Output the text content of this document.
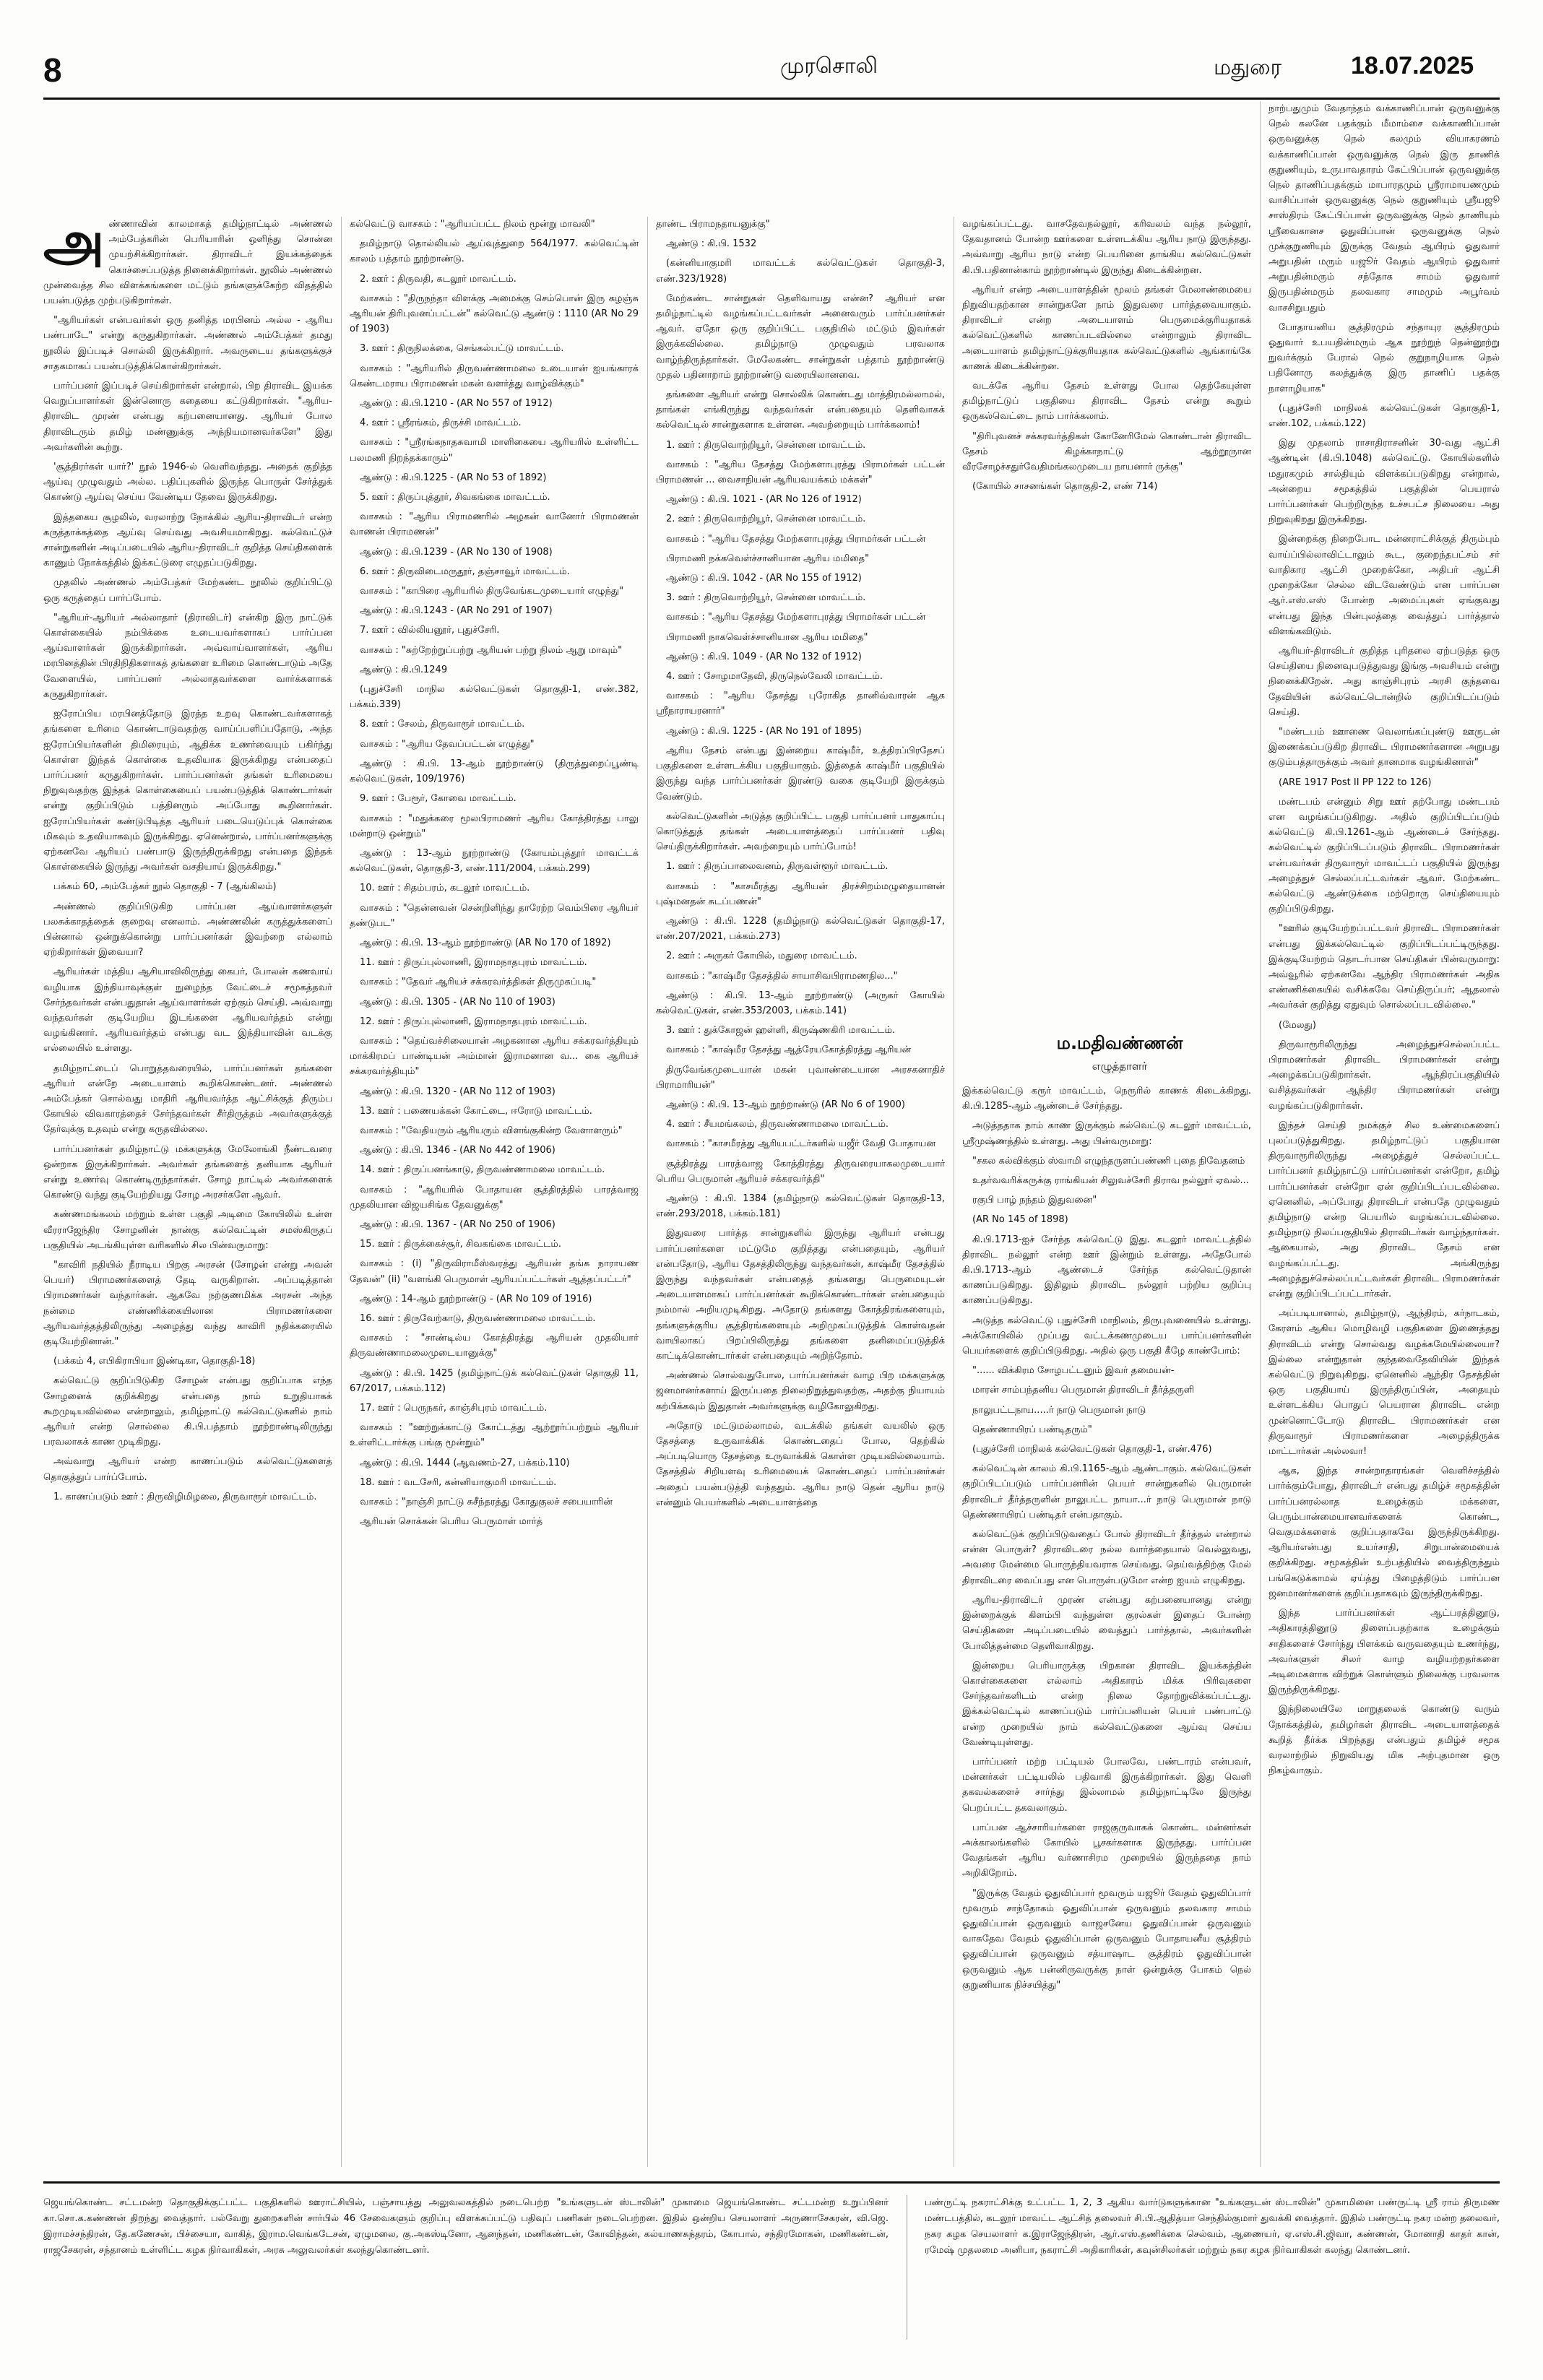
8	முரசொலி	மதுரை	18.07.2025
அ ண்ணாவின் காலமாகத் தமிழ்நாட்டில் அண்ணல் அம்பேத்கரின் பெரியாரின் ஒளிந்து சொன்ன முயற்சிக்கிறார்கள். திராவிடர் இயக்கத்தைக் கொச்சைப்படுத்த நினைக்கிறார்கள். நூலில் அண்ணல் முன்வைத்த சில விளக்கங்களை மட்டும் தங்களுக்கேற்ற விதத்தில் பயன்படுத்த முற்படுகிறார்கள்.

"ஆரியர்கள் என்பவர்கள் ஒரு தனித்த மரபினம் அல்ல - ஆரிய பண்பாடே" என்று கருதுகிறார்கள். அண்ணல் அம்பேத்கர் தமது நூலில் இப்படிச் சொல்லி இருக்கிறார். அவருடைய தங்களுக்குச் சாதகமாகப் பயன்படுத்திக்கொள்கிறார்கள்.

பார்ப்பனர் இப்படிச் செய்கிறார்கள் என்றால், பிற திராவிட இயக்க வெறுப்பாளர்கள் இன்னொரு கதையை கட்டுகிறார்கள். "ஆரிய-திராவிட முரண் என்பது கற்பனையானது. ஆரியர் போல திராவிடரும் தமிழ் மண்ணுக்கு அந்நியமானவர்களே" இது அவர்களின் கூற்று.

'சூத்திரர்கள் யார்?' நூல் 1946-ல் வெளிவந்தது. அதைக் குறித்த ஆய்வு முழுவதும் அல்ல. பதிப்புகளில் இருந்த பொருள் சேர்த்துக் கொண்டு ஆய்வு செய்ய வேண்டிய தேவை இருக்கிறது.

இத்தகைய சூழலில், வரலாற்று நோக்கில் ஆரிய-திராவிடர் என்ற கருத்தாக்கத்தை ஆய்வு செய்வது அவசியமாகிறது. கல்வெட்டுச் சான்றுகளின் அடிப்படையில் ஆரிய-திராவிடர் குறித்த செய்திகளைக் காணும் நோக்கத்தில் இக்கட்டுரை எழுதப்படுகிறது.

முதலில் அண்ணல் அம்பேத்கர் மேற்கண்ட நூலில் குறிப்பிட்டு ஒரு கருத்தைப் பார்ப்போம்.

"ஆரியர்-ஆரியர் அல்லாதார் (திராவிடர்) என்கிற இரு நாட்டுக் கொள்கையில் நம்பிக்கை உடையவர்களாகப் பார்ப்பன ஆய்வாளர்கள் இருக்கிறார்கள். அவ்வாய்வாளர்கள், ஆரிய மரபினத்தின் பிரதிநிதிகளாகத் தங்களை உரிமை கொண்டாடும் அதே வேளையில், பார்ப்பனர் அல்லாதவர்களை வார்க்களாகக் கருதுகிறார்கள்.

ஐரோப்பிய மரபினத்தோடு இரத்த உறவு கொண்டவர்களாகத் தங்களை உரிமை கொண்டாடுவதற்கு வாய்ப்பளிப்பதோடு, அந்த ஐரோப்பியர்களின் திமிரையும், ஆதிக்க உணர்வையும் பகிர்ந்து கொள்ள இந்தக் கொள்கை உதவியாக இருக்கிறது என்பதைப் பார்ப்பனர் கருதுகிறார்கள். பார்ப்பனர்கள் தங்கள் உரிமையை நிறுவுவதற்கு இந்தக் கொள்கையைப் பயன்படுத்திக் கொண்டார்கள் என்று குறிப்பிடும் பத்தினரும் அப்போது கூறினார்கள். ஐரோப்பியர்கள் கண்டுபிடித்த ஆரியர் படையெடுப்புக் கொள்கை மிகவும் உதவியாகவும் இருக்கிறது. ஏனென்றால், பார்ப்பனர்களுக்கு ஏற்கனவே ஆரியப் பண்பாடு இருந்திருக்கிறது என்பதை இந்தக் கொள்கையில் இருந்து அவர்கள் வசதியாய் இருக்கிறது."

பக்கம் 60, அம்பேத்கர் நூல் தொகுதி - 7 (ஆங்கிலம்)

அண்ணல் குறிப்பிடுகிற பார்ப்பன ஆய்வாளர்களுள் பலசுக்காதத்தைக் குறைவு எனலாம். அண்ணலின் கருத்துக்களைப் பின்னால் ஒன்றுக்கொன்று பார்ப்பனர்கள் இவற்றை எல்லாம் ஏற்கிறார்கள் இவையா?

ஆரியர்கள் மத்திய ஆசியாவிலிருந்து கைபர், போலன் கணவாய் வழியாக இந்தியாவுக்குள் நுழைந்த வேட்டைச் சமூகத்தவர் சேர்ந்தவர்கள் என்பதுதான் ஆய்வாளர்கள் ஏற்கும் செய்தி. அவ்வாறு வந்தவர்கள் குடியேறிய இடங்களை ஆரியவர்த்தம் என்று வழங்கினார். ஆரியவர்த்தம் என்பது வட இந்தியாவின் வடக்கு எல்லையில் உள்ளது.

தமிழ்நாட்டைப் பொறுத்தவரையில், பார்ப்பனர்கள் தங்களை ஆரியர் என்றே அடையாளம் கூறிக்கொண்டனர். அண்ணல் அம்பேத்கர் சொல்வது மாதிரி ஆரியவர்த்த ஆட்சிக்குத் திரும்ப கோயில் விவகாரத்தைச் சேர்ந்தவர்கள் சீர்திருத்தம் அவர்களுக்குத் தேர்வுக்கு உதவும் என்று கருதவில்லை.

பார்ப்பனர்கள் தமிழ்நாட்டு மக்களுக்கு மேலோங்கி நீண்டவரை ஒன்றாக இருக்கிறார்கள். அவர்கள் தங்களைத் தனியாக ஆரியர் என்று உணர்வு கொண்டிருந்தார்கள். சோழ நாட்டில் அவர்களைக் கொண்டு வந்து குடியேற்றியது சோழ அரசர்களே ஆவர்.

கண்ணமங்கலம் மற்றும் உள்ள பகுதி அடிமை கோயிலில் உள்ள வீரராஜேந்திர சோழனின் நான்கு கல்வெட்டின் சமஸ்கிருதப் பகுதியில் அடங்கியுள்ள வரிகளில் சில பின்வருமாறு:

"காவிரி நதியில் நீராடிய பிறகு அரசன் (சோழன் என்று அவன் பெயர்) பிராமணர்களைத் தேடி வருகிறான். அப்படித்தான் பிராமணர்கள் வந்தார்கள். ஆகவே நற்குணமிக்க அரசன் அந்த நன்மை எண்ணிக்கையிலான பிராமணர்களை ஆரியவர்த்தத்திலிருந்து அழைத்து வந்து காவிரி நதிக்கரையில் குடியேற்றினான்."

(பக்கம் 4, எபிகிராபியா இண்டிகா, தொகுதி-18)

கல்வெட்டு குறிப்பிடுகிற சோழன் என்பது குறிப்பாக எந்த சோழனைக் குறிக்கிறது என்பதை நாம் உறுதியாகக் கூறமுடியவில்லை என்றாலும், தமிழ்நாட்டு கல்வெட்டுகளில் நாம் ஆரியர் என்ற சொல்லை கி.பி.பத்தாம் நூற்றாண்டிலிருந்து பரவலாகக் காண முடிகிறது.

அவ்வாறு ஆரியர் என்ற காணப்படும் கல்வெட்டுகளைத் தொகுத்துப் பார்ப்போம்.

1. காணப்படும் ஊர் : திருவிழிமிழலை, திருவாரூர் மாவட்டம்.

கல்வெட்டு வாசகம் : "ஆரியப்பட்ட நிலம் மூன்று மாவலி"

தமிழ்நாடு தொல்லியல் ஆய்வுத்துறை 564/1977. கல்வெட்டின் காலம் பத்தாம் நூற்றாண்டு.

2. ஊர் : திருவதி, கடலூர் மாவட்டம்.

வாசகம் : "திருநந்தா விளக்கு அமைக்கு செம்பொன் இரு கழஞ்சு ஆரியன் திரிபுவனப்பட்டன்" கல்வெட்டு ஆண்டு : 1110 (AR No 29 of 1903)

3. ஊர் : திருநிலக்கை, செங்கல்பட்டு மாவட்டம்.

வாசகம் : "ஆரியரில் திருவண்ணாமலை உடையான் ஐயங்காரக் கெண்டமராய பிராமணன் மகன் வளர்த்து வாழ்விக்கும்"

ஆண்டு : கி.பி.1210 - (AR No 557 of 1912)

4. ஊர் : ஸ்ரீரங்கம், திருச்சி மாவட்டம்.

வாசகம் : "ஸ்ரீரங்கநாதசுவாமி மாளிகையை ஆரியரில் உள்ளிட்ட பலமணி நிறந்தக்காரும்"

ஆண்டு : கி.பி.1225 - (AR No 53 of 1892)

5. ஊர் : திருப்புத்தூர், சிவகங்கை மாவட்டம்.

வாசகம் : "ஆரிய பிராமணரில் அழகன் வானோர் பிராமணன் வாணன் பிராமணன்"

ஆண்டு : கி.பி.1239 - (AR No 130 of 1908)

6. ஊர் : திருவிடைமருதூர், தஞ்சாவூர் மாவட்டம்.

வாசகம் : "காபிரை ஆரியரில் திருவேங்கடமுடையார் எழுந்து"

ஆண்டு : கி.பி.1243 - (AR No 291 of 1907)

7. ஊர் : வில்லியனூர், புதுச்சேரி.

வாசகம் : "சுற்றேற்றுப்பற்று ஆரியன் பற்று நிலம் ஆறு மாவும்"

ஆண்டு : கி.பி.1249

(புதுச்சேரி மாநில கல்வெட்டுகள் தொகுதி-1, எண்.382, பக்கம்.339)

8. ஊர் : சேலம், திருவாரூர் மாவட்டம்.

வாசகம் : "ஆரிய தேவப்பட்டன் எழுத்து"

ஆண்டு : கி.பி. 13-ஆம் நூற்றாண்டு (திருத்துறைப்பூண்டி கல்வெட்டுகள், 109/1976)

9. ஊர் : பேரூர், கோவை மாவட்டம்.

வாசகம் : "மதுக்கரை மூலபிராமணர் ஆரிய கோத்திரத்து பாலு மன்றாடு ஒன்றும்"

ஆண்டு : 13-ஆம் நூற்றாண்டு (கோயம்புத்தூர் மாவட்டக் கல்வெட்டுகள், தொகுதி-3, எண்.111/2004, பக்கம்.299)

10. ஊர் : சிதம்பரம், கடலூர் மாவட்டம்.

வாசகம் : "தென்னவன் சென்றிளிந்து தாரேற்ற வெம்பிரை ஆரியர் தண்டுபட"

ஆண்டு : கி.பி. 13-ஆம் நூற்றாண்டு (AR No 170 of 1892)

11. ஊர் : திருப்புல்லாணி, இராமநாதபுரம் மாவட்டம்.

வாசகம் : "தேவர் ஆரியச் சக்கரவர்த்திகள் திருமுகப்படி"

ஆண்டு : கி.பி. 1305 - (AR No 110 of 1903)

12. ஊர் : திருப்புல்லாணி, இராமநாதபுரம் மாவட்டம்.

வாசகம் : "தெய்வச்சிலையான் அழகனான ஆரிய சக்கரவர்த்தியும் மாக்கிரமப் பாண்டியன் அம்மான் இராமனான வ... கை ஆரியச் சக்கரவர்த்தியும்"

ஆண்டு : கி.பி. 1320 - (AR No 112 of 1903)

13. ஊர் : பணையக்கன் கோட்டை, ஈரோடு மாவட்டம்.

வாசகம் : "வேதியரும் ஆரியரும் விளங்குகின்ற வேளாளரும்"

ஆண்டு : கி.பி. 1346 - (AR No 442 of 1906)

14. ஊர் : திருப்பனங்காடு, திருவண்ணாமலை மாவட்டம்.

வாசகம் : "ஆரியரில் போதாயன சூத்திரத்தில் பாரத்வாஜ முதலியான விஜயசிங்க தேவனுக்கு"

ஆண்டு : கி.பி. 1367 - (AR No 250 of 1906)

15. ஊர் : திருக்கைச்சூர், சிவகங்கை மாவட்டம்.

வாசகம் : (i) "திருவிராமீஸ்வரத்து ஆரியன் தங்க நாராயண தேவன்" (ii) "வளங்கி பெருமாள் ஆரியப்பட்டர்கள் ஆத்தப்பட்டர்"

ஆண்டு : 14-ஆம் நூற்றாண்டு - (AR No 109 of 1916)

16. ஊர் : திருவேற்காடு, திருவண்ணாமலை மாவட்டம்.

வாசகம் : "சாண்டில்ய கோத்திரத்து ஆரியன் முதலியார் திருவண்ணாமலைமுடையானுக்கு"

ஆண்டு : கி.பி. 1425 (தமிழ்நாட்டுக் கல்வெட்டுகள் தொகுதி 11, 67/2017, பக்கம்.112)

17. ஊர் : பெருநகர், காஞ்சிபுரம் மாவட்டம்.

வாசகம் : "ஊற்றுக்காட்டு கோட்டத்து ஆற்றூர்ப்பற்றும் ஆரியர் உள்ளிட்டார்க்கு பங்கு மூன்றும்"

ஆண்டு : கி.பி. 1444 (ஆவணம்-27, பக்கம்.110)

18. ஊர் : வடசேரி, கன்னியாகுமரி மாவட்டம்.

வாசகம் : "நாஞ்சி நாட்டு சுசீந்தரத்து கோதுகுலச் சபையாரின்

ஆரியன் சொக்கன் பெரிய பெருமாள் மார்த்

தாண்ட பிராமநதாயனுக்கு"

ஆண்டு : கி.பி. 1532

(கன்னியாகுமரி மாவட்டக் கல்வெட்டுகள் தொகுதி-3, எண்.323/1928)

மேற்கண்ட சான்றுகள் தெளிவாயது என்ன? ஆரியர் என தமிழ்நாட்டில் வழங்கப்பட்டவர்கள் அனைவரும் பார்ப்பனர்கள் ஆவர். ஏதோ ஒரு குறிப்பிட்ட பகுதியில் மட்டும் இவர்கள் இருக்கவில்லை. தமிழ்நாடு முழுவதும் பரவலாக வாழ்ந்திருந்தார்கள். மேலேகண்ட சான்றுகள் பத்தாம் நூற்றாண்டு முதல் பதினாறாம் நூற்றாண்டு வரையிலானவை.

தங்களை ஆரியர் என்று சொல்லிக் கொண்டது மாத்திரமல்லாமல், தாங்கள் எங்கிருந்து வந்தவர்கள் என்பதையும் தெளிவாகக் கல்வெட்டில் சான்றுகளாக உள்ளன. அவற்றையும் பார்க்கலாம்!

1. ஊர் : திருவொற்றியூர், சென்னை மாவட்டம்.

வாசகம் : "ஆரிய தேசத்து மேற்களாபுரத்து பிராமர்கள் பட்டன் பிராமணன் ... வைசாநியன் ஆரியவயக்கம் மக்கள்"

ஆண்டு : கி.பி. 1021 - (AR No 126 of 1912)

2. ஊர் : திருவொற்றியூர், சென்னை மாவட்டம்.

வாசகம் : "ஆரிய தேசத்து மேற்களாபுரத்து பிராமர்கள் பட்டன்

பிராமணி நக்கவெள்ச்சானியான ஆரிய மமிதை"

ஆண்டு : கி.பி. 1042 - (AR No 155 of 1912)

3. ஊர் : திருவொற்றியூர், சென்னை மாவட்டம்.

வாசகம் : "ஆரிய தேசத்து மேற்களாபுரத்து பிராமர்கள் பட்டன்

பிராமணி நாகவெள்ச்சானியான ஆரிய மமிதை"

ஆண்டு : கி.பி. 1049 - (AR No 132 of 1912)

4. ஊர் : சோழமாதேவி, திருநெல்வேலி மாவட்டம்.

வாசகம் : "ஆரிய தேசத்து புரோகித தானிவ்வாரன் ஆக ஸ்ரீநாராயரனார்"

ஆண்டு : கி.பி. 1225 - (AR No 191 of 1895)

ஆரிய தேசம் என்பது இன்றைய காஷ்மீர், உத்திரப்பிரதேசப் பகுதிகளை உள்ளடக்கிய பகுதியாகும். இத்தைக் காஷ்மீர் பகுதியில் இருந்து வந்த பார்ப்பனர்கள் இரண்டு வகை குடியேறி இருக்கும் வேண்டும்.

கல்வெட்டுகளின் அடுத்த குறிப்பிட்ட பகுதி பார்ப்பனர் பாதுகாப்பு கொடுத்துத் தங்கள் அடையாளத்தைப் பார்ப்பனர் பதிவு செய்திருக்கிறார்கள். அவற்றையும் பார்ப்போம்!

1. ஊர் : திருப்பாலைவனம், திருவள்ளூர் மாவட்டம்.

வாசகம் : "காசமீரத்து ஆரியன் திரச்சிறம்மழுதையானன் புஷ்மனதன் சுடப்பணன்"

ஆண்டு : கி.பி. 1228 (தமிழ்நாடு கல்வெட்டுகள் தொகுதி-17, எண்.207/2021, பக்கம்.273)

2. ஊர் : அருகர் கோயில், மதுரை மாவட்டம்.

வாசகம் : "காஷ்மீர தேசத்தில் சாயாசிவபிராமணநில..."

ஆண்டு : கி.பி. 13-ஆம் நூற்றாண்டு (அருகர் கோயில் கல்வெட்டுகள், எண்.353/2003, பக்கம்.141)

3. ஊர் : துக்கோஜன் ஹள்ளி, கிருஷ்ணகிரி மாவட்டம்.

வாசகம் : "காஷ்மீர தேசத்து ஆத்ரேயகோத்திரத்து ஆரியன்

திருவேங்கமுடையான் மகன் புவாண்டையான அரசகனாதிச் பிராமாரியன்"

ஆண்டு : கி.பி. 13-ஆம் நூற்றாண்டு (AR No 6 of 1900)

4. ஊர் : சீயமங்கலம், திருவண்ணாமலை மாவட்டம்.

வாசகம் : "காசமீரத்து ஆரியபட்டர்களில் யஜீர் வேதி போதாயன

சூத்திரத்து பாரத்வாஜ கோத்திரத்து திருவரையாகலமுடையார் பெரிய பெருமான் ஆரியச் சக்கரவர்த்தி"

ஆண்டு : கி.பி. 1384 (தமிழ்நாடு கல்வெட்டுகள் தொகுதி-13, எண்.293/2018, பக்கம்.181)

இதுவரை பார்த்த சான்றுகளில் இருந்து ஆரியர் என்பது பார்ப்பனர்களை மட்டுமே குறித்தது என்பதையும், ஆரியர் என்பதோடு, ஆரிய தேசத்திலிருந்து வந்தவர்கள், காஷ்மீர தேசத்தில் இருந்து வந்தவர்கள் என்பதைத் தங்களது பெருமையுடன் அடையாளமாகப் பார்ப்பனர்கள் கூறிக்கொண்டார்கள் என்பதையும் நம்மால் அறியமுடிகிறது. அதோடு தங்களது கோத்திரங்களையும், தங்களுக்குரிய சூத்திரங்களையும் அறிமுகப்படுத்திக் கொள்வதன் வாயிலாகப் பிறப்பிலிருந்து தங்களை தனிமைப்படுத்திக் காட்டிக்கொண்டார்கள் என்பதையும் அறிந்தோம்.

அண்ணல் சொல்வதுபோல, பார்ப்பனர்கள் வாழ பிற மக்களுக்கு ஜனமானர்களாய் இருப்பதை நிலைநிறுத்துவதற்கு, அதற்கு நியாயம் கற்பிக்கவும் இதுதான் அவர்களுக்கு வழிகோலுகிறது.

அதோடு மட்டுமல்லாமல், வடக்கில் தங்கள் வயலில் ஒரு தேசத்தை உருவாக்கிக் கொண்டதைப் போல, தெற்கில் அப்படியொரு தேசத்தை உருவாக்கிக் கொள்ள முடியவில்லையாம். தேசத்தில் சிறியளவு உரிமையைக் கொண்டதைப் பார்ப்பனர்கள் அதைப் பயன்படுத்தி வந்ததும். ஆரிய நாடு தென் ஆரிய நாடு என்னும் பெயர்களில் அடையாளத்தை

வழங்கப்பட்டது. வாசதேவநல்லூர், கரிவலம் வந்த நல்லூர், தேவதானம் போன்ற ஊர்களை உள்ளடக்கிய ஆரிய நாடு இருந்தது. அவ்வாறு ஆரிய நாடு என்ற பெயரினை தாங்கிய கல்வெட்டுகள் கி.பி.பதினான்காம் நூற்றாண்டில் இருந்து கிடைக்கின்றன.

ஆரியர் என்ற அடையாளத்தின் மூலம் தங்கள் மேலாண்மையை நிறுவியதற்கான சான்றுகளே நாம் இதுவரை பார்த்தவையாகும். திராவிடர் என்ற அடையாளம் பெருமைக்குரியதாகக் கல்வெட்டுகளில் காணப்படவில்லை என்றாலும் திராவிட அடையாளம் தமிழ்நாட்டுக்குரியதாக கல்வெட்டுகளில் ஆங்காங்கே காணக் கிடைக்கின்றன.

வடக்கே ஆரிய தேசம் உள்ளது போல தெற்கேயுள்ள தமிழ்நாட்டுப் பகுதியை திராவிட தேசம் என்று கூறும் ஒருகல்வெட்டை நாம் பார்க்கலாம்.

"திரிபுவனச் சக்கரவர்த்திகள் கோனேரிமேல் கொண்டான் திராவிட தேசம் கிழக்காநாட்டு ஆற்றூருான வீரசோழச்சதுர்வேதிமங்கலமுடைய நாயனார் ருக்கு"

(கோயில் சாசனங்கள் தொகுதி-2, எண் 714)

ம.மதிவண்ணன்
எழுத்தாளர்

இக்கல்வெட்டு கரூர் மாவட்டம், நெரூரில் காணக் கிடைக்கிறது. கி.பி.1285-ஆம் ஆண்டைச் சேர்ந்தது.

அடுத்ததாக நாம் காண இருக்கும் கல்வெட்டு கடலூர் மாவட்டம், ஸ்ரீமுஷ்ணத்தில் உள்ளது. அது பின்வருமாறு:

"சகல கல்விக்கும் ஸ்வாமி எழுந்தருளப்பண்ணி புதை நிவேதனம்

உதர்வவரிக்கருக்கு ராங்கியன் சிலுவச்சேரி திராவ நல்லூர் ஏவல்...

ரகுபி பாழ் நந்தம் இதுவனை"

(AR No 145 of 1898)

கி.பி.1713-ஐச் சேர்ந்த கல்வெட்டு இது. கடலூர் மாவட்டத்தில் திராவிட நல்லூர் என்ற ஊர் இன்றும் உள்ளது. அதேபோல் கி.பி.1713-ஆம் ஆண்டைச் சேர்ந்த கல்வெட்டுதான் காணப்படுகிறது. இதிலும் திராவிட நல்லூர் பற்றிய குறிப்பு காணப்படுகிறது.

அடுத்த கல்வெட்டு புதுச்சேரி மாநிலம், திருபுவனையில் உள்ளது. அக்கோயிலில் முப்பது வட்டக்கணமுடைய பார்ப்பனர்களின் பெயர்களைக் குறிப்பிடுகிறது. அதில் ஒரு பகுதி கீழே காண்போம்:

"...... விக்கிரம சோழபட்டனும் இவர் தமையன்-

மாரன் சாம்பந்தனிய பெருமான் திராவிடர் தீர்த்தருளி

நாலுபட்டநாய.....ர் நாடு பெருமான் நாடு

தெண்ணாயிரப் பண்டிதரும்"

(புதுச்சேரி மாநிலக் கல்வெட்டுகள் தொகுதி-1, எண்.476)

கல்வெட்டின் காலம் கி.பி.1165-ஆம் ஆண்டாகும். கல்வெட்டுகள் குறிப்பிடப்படும் பார்ப்பனரின் பெயர் சான்றுகளில் பெருமான் திராவிடர் தீர்த்தருளின் நாலுபட்ட நாயா...ர் நாடு பெருமான் நாடு தெண்ணாயிரப் பண்டிதர் என்பதாகும்.

கல்வெட்டுக் குறிப்பிடுவதைப் போல் திராவிடர் தீர்த்தல் என்றால் என்ன பொருள்? திராவிடரை நல்ல வார்த்தையால் வெல்லுவது, அவரை மேன்மை பொருந்தியவராக செய்வது. தெய்வத்திற்கு மேல் திராவிடரை வைப்பது என பொருள்படுமோ என்ற ஐயம் எழுகிறது.

ஆரிய-திராவிடர் முரண் என்பது கற்பனையானது என்று இன்றைக்குக் கிளம்பி வந்துள்ள குரல்கள் இதைப் போன்ற செய்திகளை அடிப்படையில் வைத்துப் பார்த்தால், அவர்களின் போலித்தன்மை தெளிவாகிறது.

இன்றைய பெரியாருக்கு பிறகான திராவிட இயக்கத்தின் கொள்கைகளை எல்லாம் அதிகாரம் மிக்க பிரிவுகளை சேர்ந்தவர்களிடம் என்ற நிலை தோற்றுவிக்கப்பட்டது. இக்கல்வெட்டில் காணப்படும் பார்ப்பனியன் பெயர் பண்பாட்டு என்ற முறையில் நாம் கல்வெட்டுகளை ஆய்வு செய்ய வேண்டியுள்ளது.

பார்ப்பனர் மற்ற பட்டியல் போலவே, பண்டாரம் என்பவர், மன்னர்கள் பட்டியலில் பதிவாகி இருக்கிறார்கள். இது வெளி தகவல்களைச் சார்ந்து இல்லாமல் தமிழ்நாட்டிலே இருந்து பெறப்பட்ட தகவலாகும்.

பாப்பன ஆச்சாரியர்களை ராஜகுருவாகக் கொண்ட மன்னர்கள் அக்காலங்களில் கோயில் பூசகர்களாக இருந்தது. பார்ப்பன வேதங்கள் ஆரிய வர்ணாசிரம முறையில் இருந்ததை நாம் அறிகிறோம்.

"இருக்கு வேதம் ஓதுவிப்பார் மூவரும் யஜூர் வேதம் ஓதுவிப்பார் மூவரும் சாந்தோகம் ஓதுவிப்பான் ஒருவனும் தலவகார சாமம் ஓதுவிப்பான் ஒருவனும் வாஜசனேய ஓதுவிப்பான் ஒருவனும் வாசுதேவ வேதம் ஓதுவிப்பான் ஒருவனும் போதாயனீய சூத்திரம் ஓதுவிப்பான் ஒருவனும் சத்யாஷாட சூத்திரம் ஓதுவிப்பான் ஒருவனும் ஆக பன்னிருவருக்கு நாள் ஒன்றுக்கு போகம் நெல் குறுணியாக நிச்சயித்து"

நாற்பதுமும் வேதாந்தம் வக்காணிப்பான் ஒருவனுக்கு நெல் கலனே பதக்கும் மீமாம்சை வக்காணிப்பான் ஒருவனுக்கு நெல் கலமும் வியாகரணம் வக்காணிப்பான் ஒருவனுக்கு நெல் இரு தாணிக் குறுணியும், உருபாவதாரம் கேட்பிப்பான் ஒருவனுக்கு நெல் தாணிப்பதக்கும் மாபாரதமும் ஸ்ரீராமாயணமும் வாசிப்பான் ஒருவனுக்கு நெல் குறுணியும் ஸ்ரீயஜூ சாஸ்திரம் கேட்பிப்பான் ஒருவனுக்கு நெல் தாணியும் ஸ்ரீவைகானச ஓதுவிப்பான் ஒருவனுக்கு நெல் முக்குறுணியும் இருக்கு வேதம் ஆயிரம் ஓதுவார் அறுபதின் மரும் யஜூர் வேதம் ஆயிரம் ஓதுவார் அறுபதின்மரும் சந்தோக சாமம் ஓதுவார் இருபதின்மரும் தலவகார சாமமும் அபூர்வம் வாசசிறுபதும்

போதாயனிய சூத்திரமும் சந்தாயுர சூத்திரமும் ஓதுவார் உபயதின்மரும் ஆக நூற்றுந் தென்னூற்று நுவர்க்கும் பேரால் நெல் குறுநாழியாக நெல் பதினோரு கலத்துக்கு இரு தாணிப் பதக்கு நாளாழியாக"

(புதுச்சேரி மாநிலக் கல்வெட்டுகள் தொகுதி-1, எண்.102, பக்கம்.122)

இது முதலாம் ராசாதிராசனின் 30-வது ஆட்சி ஆண்டின் (கி.பி.1048) கல்வெட்டு. கோயில்களில் மதுரகமும் சால்தியும் விளக்கப்படுகிறது என்றால், அன்றைய சமூகத்தில் பகுத்தின் பெயரால் பார்ப்பனர்கள் பெற்றிருந்த உச்சபட்ச நிலையை அது நிறுவுகிறது இருக்கிறது.

இன்றைக்கு நிறைபோட மன்னராட்சிக்குத் திரும்பும் வாய்ப்பில்லாவிட்டாலும் கூட, குறைந்தபட்சம் சர் வாதிகார ஆட்சி முறைக்கோ, அதிபர் ஆட்சி முறைக்கோ செல்ல விடவேண்டும் என பார்ப்பன ஆர்.எஸ்.எஸ் போன்ற அமைப்புகள் ஏங்குவது என்பது இந்த பின்புலத்தை வைத்துப் பார்த்தால் விளங்கவிடும்.

ஆரியர்-திராவிடர் குறித்த புரிதலை ஏற்படுத்த ஒரு செய்தியை நினைவுபடுத்துவது இங்கு அவசியம் என்று நினைக்கிறேன். அது காஞ்சிபுரம் அரசி குந்தவை தேவியின் கல்வெட்டொன்றில் குறிப்பிடப்படும் செய்தி.

"மண்டபம் ஊாணை வெலாங்கப்புண்டு ஊருடன் இணைக்கப்படுகிற திராவிட பிராமணர்களான அறுபது குடும்பத்தாருக்கும் அவர் தானமாக வழங்கினாள்"

(ARE 1917 Post II PP 122 to 126)

மண்டபம் என்னும் சிறு ஊர் தற்போது மண்டபம் என வழங்கப்படுகிறது. அதில் குறிப்பிடப்படும் கல்வெட்டு கி.பி.1261-ஆம் ஆண்டைச் சேர்ந்தது. கல்வெட்டில் குறிப்பிடப்படும் திராவிட பிராமணர்கள் என்பவர்கள் திருவாரூர் மாவட்டப் பகுதியில் இருந்து அழைத்துச் செல்லப்பட்டவர்கள் ஆவர். மேற்கண்ட கல்வெட்டு ஆண்டுக்கை மற்றொரு செய்தியையும் குறிப்பிடுகிறது.

"ஊரில் குடியேற்றப்பட்டவர் திராவிட பிராமணர்கள் என்பது இக்கல்வெட்டில் குறிப்பிடப்பட்டிருந்தது. இக்குடியேற்றம் தொடர்பான செய்திகள் பின்வருமாறு: அவ்வூரில் ஏற்கனவே ஆந்திர பிராமணர்கள் அதிக எண்ணிக்கையில் வசிக்கவே செய்திருப்பர்; ஆதலால் அவர்கள் குறித்து ஏதுவும் சொல்லப்படவில்லை."

(மேலது)

திருவாரூரிலிருந்து அழைத்துச்செல்லப்பட்ட பிராமணர்கள் திராவிட பிராமணர்கள் என்று அழைக்கப்படுகிறார்கள். ஆந்திரப்பகுதியில் வசித்தவர்கள் ஆந்திர பிராமணர்கள் என்று வழங்கப்படுகிறார்கள்.

இந்தச் செய்தி நமக்குச் சில உண்மைகளைப் புலப்படுத்துகிறது. தமிழ்நாட்டுப் பகுதியான திருவாரூரிலிருந்து அழைத்துச் செல்லப்பட்ட பார்ப்பனர் தமிழ்நாட்டு பார்ப்பனர்கள் என்றோ, தமிழ் பார்ப்பனர்கள் என்றோ ஏன் குறிப்பிடப்படவில்லை. ஏனெனில், அப்போது திராவிடர் என்பதே முழுவதும் தமிழ்நாடு என்ற பெயரில் வழங்கப்படவில்லை. தமிழ்நாடு நிலப்பகுதியில் திராவிடர்கள் வாழ்ந்தார்கள். ஆகையால், அது திராவிட தேசம் என வழங்கப்பட்டது. அங்கிருந்து அழைத்துச்செல்லப்பட்டவர்கள் திராவிட பிராமணர்கள் என்று குறிப்பிடப்பட்டார்கள்.

அப்படியானால், தமிழ்நாடு, ஆந்திரம், கர்நாடகம், கேரளம் ஆகிய மொழிவழி பகுதிகளை இணைத்தது திராவிடம் என்று சொல்வது வழக்கமேயில்லையா? இல்லை என்றுதான் குந்தவைதேவியின் இந்தக் கல்வெட்டு நிறுவுகிறது. ஏனெனில் ஆந்திர தேசத்தின் ஒரு பகுதியாய் இருந்திருப்பின், அதையும் உள்ளடக்கிய பொதுப் பெயரான திராவிட என்ற முன்னொட்டோடு திராவிட பிராமணர்கள் என திருவாரூர் பிராமணர்களை அழைத்திருக்க மாட்டார்கள் அல்லவா!

ஆக, இந்த சான்றாதாரங்கள் வெளிச்சத்தில் பார்க்கும்போது, திராவிடர் என்பது தமிழ்ச் சமூகத்தின் பார்ப்பனரல்லாத உழைக்கும் மக்களை, பெரும்பான்மையானவர்களைக் கொண்ட, வெகுமக்களைக் குறிப்பதாகவே இருந்திருக்கிறது. ஆரியர்என்பது உயர்சாதி, சிறுபான்மையைக் குறிக்கிறது. சமூகத்தின் உற்பத்தியில் வைத்திருந்தும் பங்கெடுக்காமல் ஏய்த்து பிழைத்திடும் பார்ப்பன ஜனமானர்களைக் குறிப்பதாகவும் இருந்திருக்கிறது.

இந்த பார்ப்பனர்கள் ஆட்பரத்தினூடு, அதிகாரத்தினூடு திளைப்பதற்காக உழைக்கும் சாதிகளைச் சோர்ந்து பிளக்கம் வருவதையும் உணர்ந்து, அவர்களுள் சிலர் வாழ வழியற்றதர்களை அடிமைகளாக விற்றுக் கொள்ளும் நிலைக்கு பரவலாக இருந்திருக்கிறது.

இந்நிலையிலே மாறுதலைக் கொண்டு வரும் நோக்கத்தில், தமிழர்கள் திராவிட அடையாளத்தைக் கூறித் தீர்க்க பிறந்தது என்பதும் தமிழ்ச் சமூக வரலாற்றில் நிறுவியது மிக அற்புதமான ஒரு நிகழ்வாகும்.

ஜெயங்கொண்ட சட்டமன்ற தொகுதிக்குட்பட்ட பகுதிகளில் ஊராட்சியில், பஞ்சாயத்து அலுவலகத்தில் நடைபெற்ற "உங்களுடன் ஸ்டாலின்" முகாமை ஜெயங்கொண்ட சட்டமன்ற உறுப்பினர் கா.சொ.க.கண்ணன் திறந்து வைத்தார். பல்வேறு துறைகளின் சார்பில் 46 சேவைகளும் குறிப்பு விளக்கப்பட்டு பதிவுப் பணிகள் நடைபெற்றன. இதில் ஒன்றிய செயலாளர் அருணாசேகரன், வி.ஜெ. இராமச்சந்திரன், தே.கணேசன், பிச்சையா, வாகித், இராம.வெங்கடேசன், ஏழுமலை, கு.அகஸ்டினோ, ஆனந்தன், மணிகண்டன், கோவிந்தன், கல்யாணசுந்தரம், கோபால், சந்திரமோகன், மணிகண்டன், ராஜசேகரன், சந்தானம் உள்ளிட்ட கழக நிர்வாகிகள், அரசு அலுவலர்கள் கலந்துகொண்டனர்.
பண்ருட்டி நகராட்சிக்கு உட்பட்ட 1, 2, 3 ஆகிய வார்டுகளுக்கான "உங்களுடன் ஸ்டாலின்" முகாமினை பண்ருட்டி ஸ்ரீ ராம் திருமண மண்டபத்தில், கடலூர் மாவட்ட ஆட்சித் தலைவர் சி.பி.ஆதித்யா செந்தில்குமார் துவக்கி வைத்தார். இதில் பண்ருட்டி நகர மன்ற தலைவர், நகர கழக செயலாளர் க.இராஜேந்திரன், ஆர்.எஸ்.தணிக்கை செல்வம், ஆணையர், ஏ.எஸ்.சி.ஜிவா, கண்ணன், மோனாதி காதர் கான், ரமேஷ் முதலமை அனிபா, நகராட்சி அதிகாரிகள், கவுன்சிலர்கள் மற்றும் நகர கழக நிர்வாகிகள் கலந்து கொண்டனர்.
